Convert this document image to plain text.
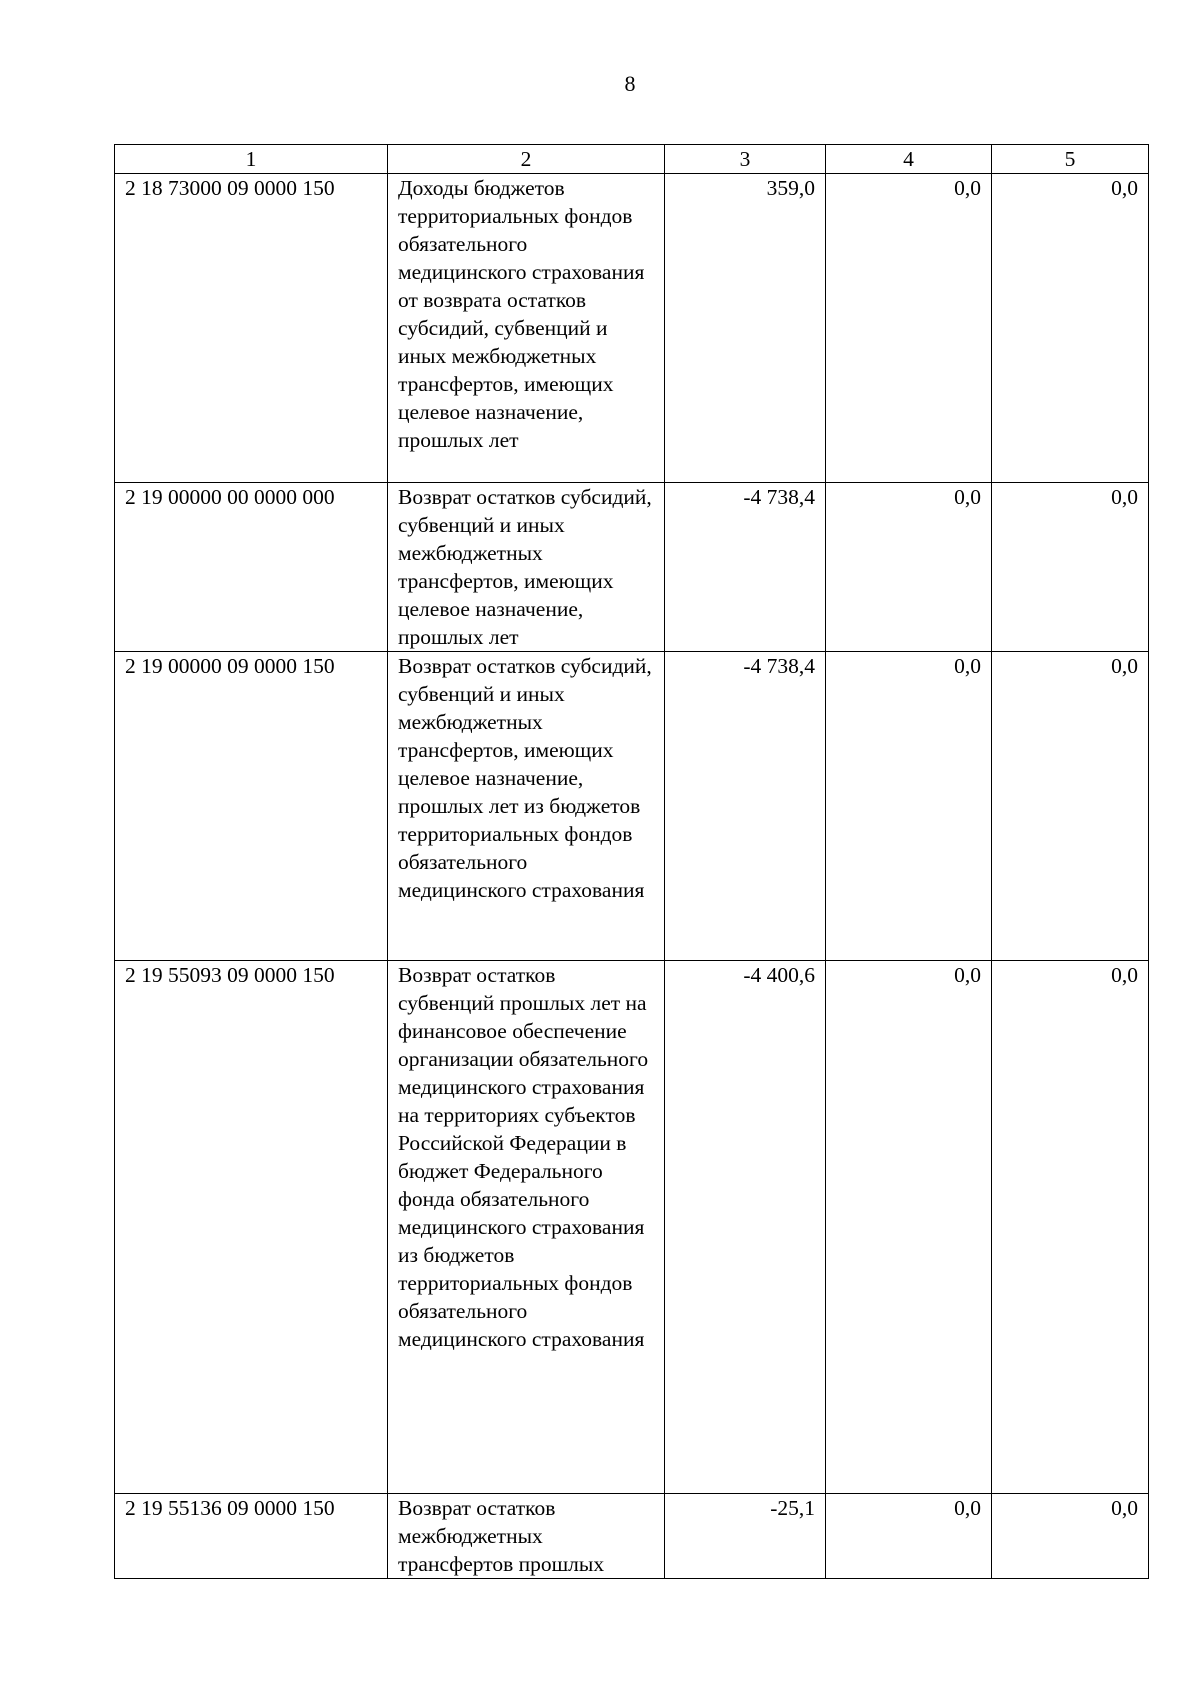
8
1	2	3	4	5
2 18 73000 09 0000 150	Доходы бюджетов территориальных фондов обязательного медицинского страхования от возврата остатков субсидий, субвенций и иных межбюджетных трансфертов, имеющих целевое назначение, прошлых лет	359,0	0,0	0,0
2 19 00000 00 0000 000	Возврат остатков субсидий, субвенций и иных межбюджетных трансфертов, имеющих целевое назначение, прошлых лет	-4 738,4	0,0	0,0
2 19 00000 09 0000 150	Возврат остатков субсидий, субвенций и иных межбюджетных трансфертов, имеющих целевое назначение, прошлых лет из бюджетов территориальных фондов обязательного медицинского страхования	-4 738,4	0,0	0,0
2 19 55093 09 0000 150	Возврат остатков субвенций прошлых лет на финансовое обеспечение организации обязательного медицинского страхования на территориях субъектов Российской Федерации в бюджет Федерального фонда обязательного медицинского страхования из бюджетов территориальных фондов обязательного медицинского страхования	-4 400,6	0,0	0,0
2 19 55136 09 0000 150	Возврат остатков межбюджетных трансфертов прошлых	-25,1	0,0	0,0
